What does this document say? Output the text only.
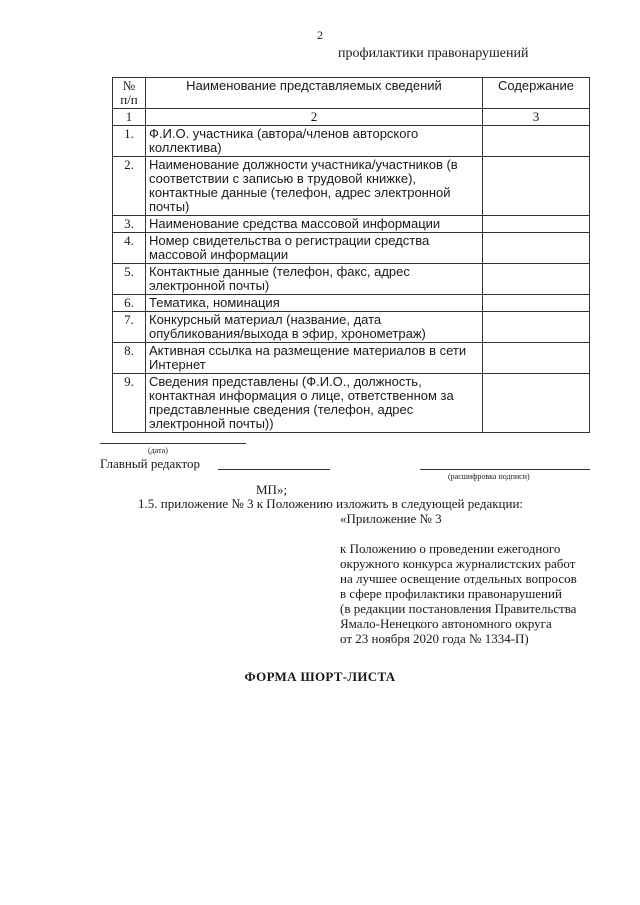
2
профилактики правонарушений
№ п/п	Наименование представляемых сведений	Содержание
1	2	3
1.	Ф.И.О. участника (автора/членов авторского коллектива)	
2.	Наименование должности участника/участников (в соответствии с записью в трудовой книжке), контактные данные (телефон, адрес электронной почты)	
3.	Наименование средства массовой информации	
4.	Номер свидетельства о регистрации средства массовой информации	
5.	Контактные данные (телефон, факс, адрес электронной почты)	
6.	Тематика, номинация	
7.	Конкурсный материал (название, дата опубликования/выхода в эфир, хронометраж)	
8.	Активная ссылка на размещение материалов в сети Интернет	
9.	Сведения представлены (Ф.И.О., должность, контактная информация о лице, ответственном за представленные сведения (телефон, адрес электронной почты))	
(дата)
Главный редактор
(расшифровка подписи)
МП»;
1.5. приложение № 3 к Положению изложить в следующей редакции:
«Приложение № 3
к Положению о проведении ежегодного
окружного конкурса журналистских работ
на лучшее освещение отдельных вопросов
в сфере профилактики правонарушений
(в редакции постановления Правительства
Ямало-Ненецкого автономного округа
от 23 ноября 2020 года № 1334-П)
ФОРМА ШОРТ-ЛИСТА
